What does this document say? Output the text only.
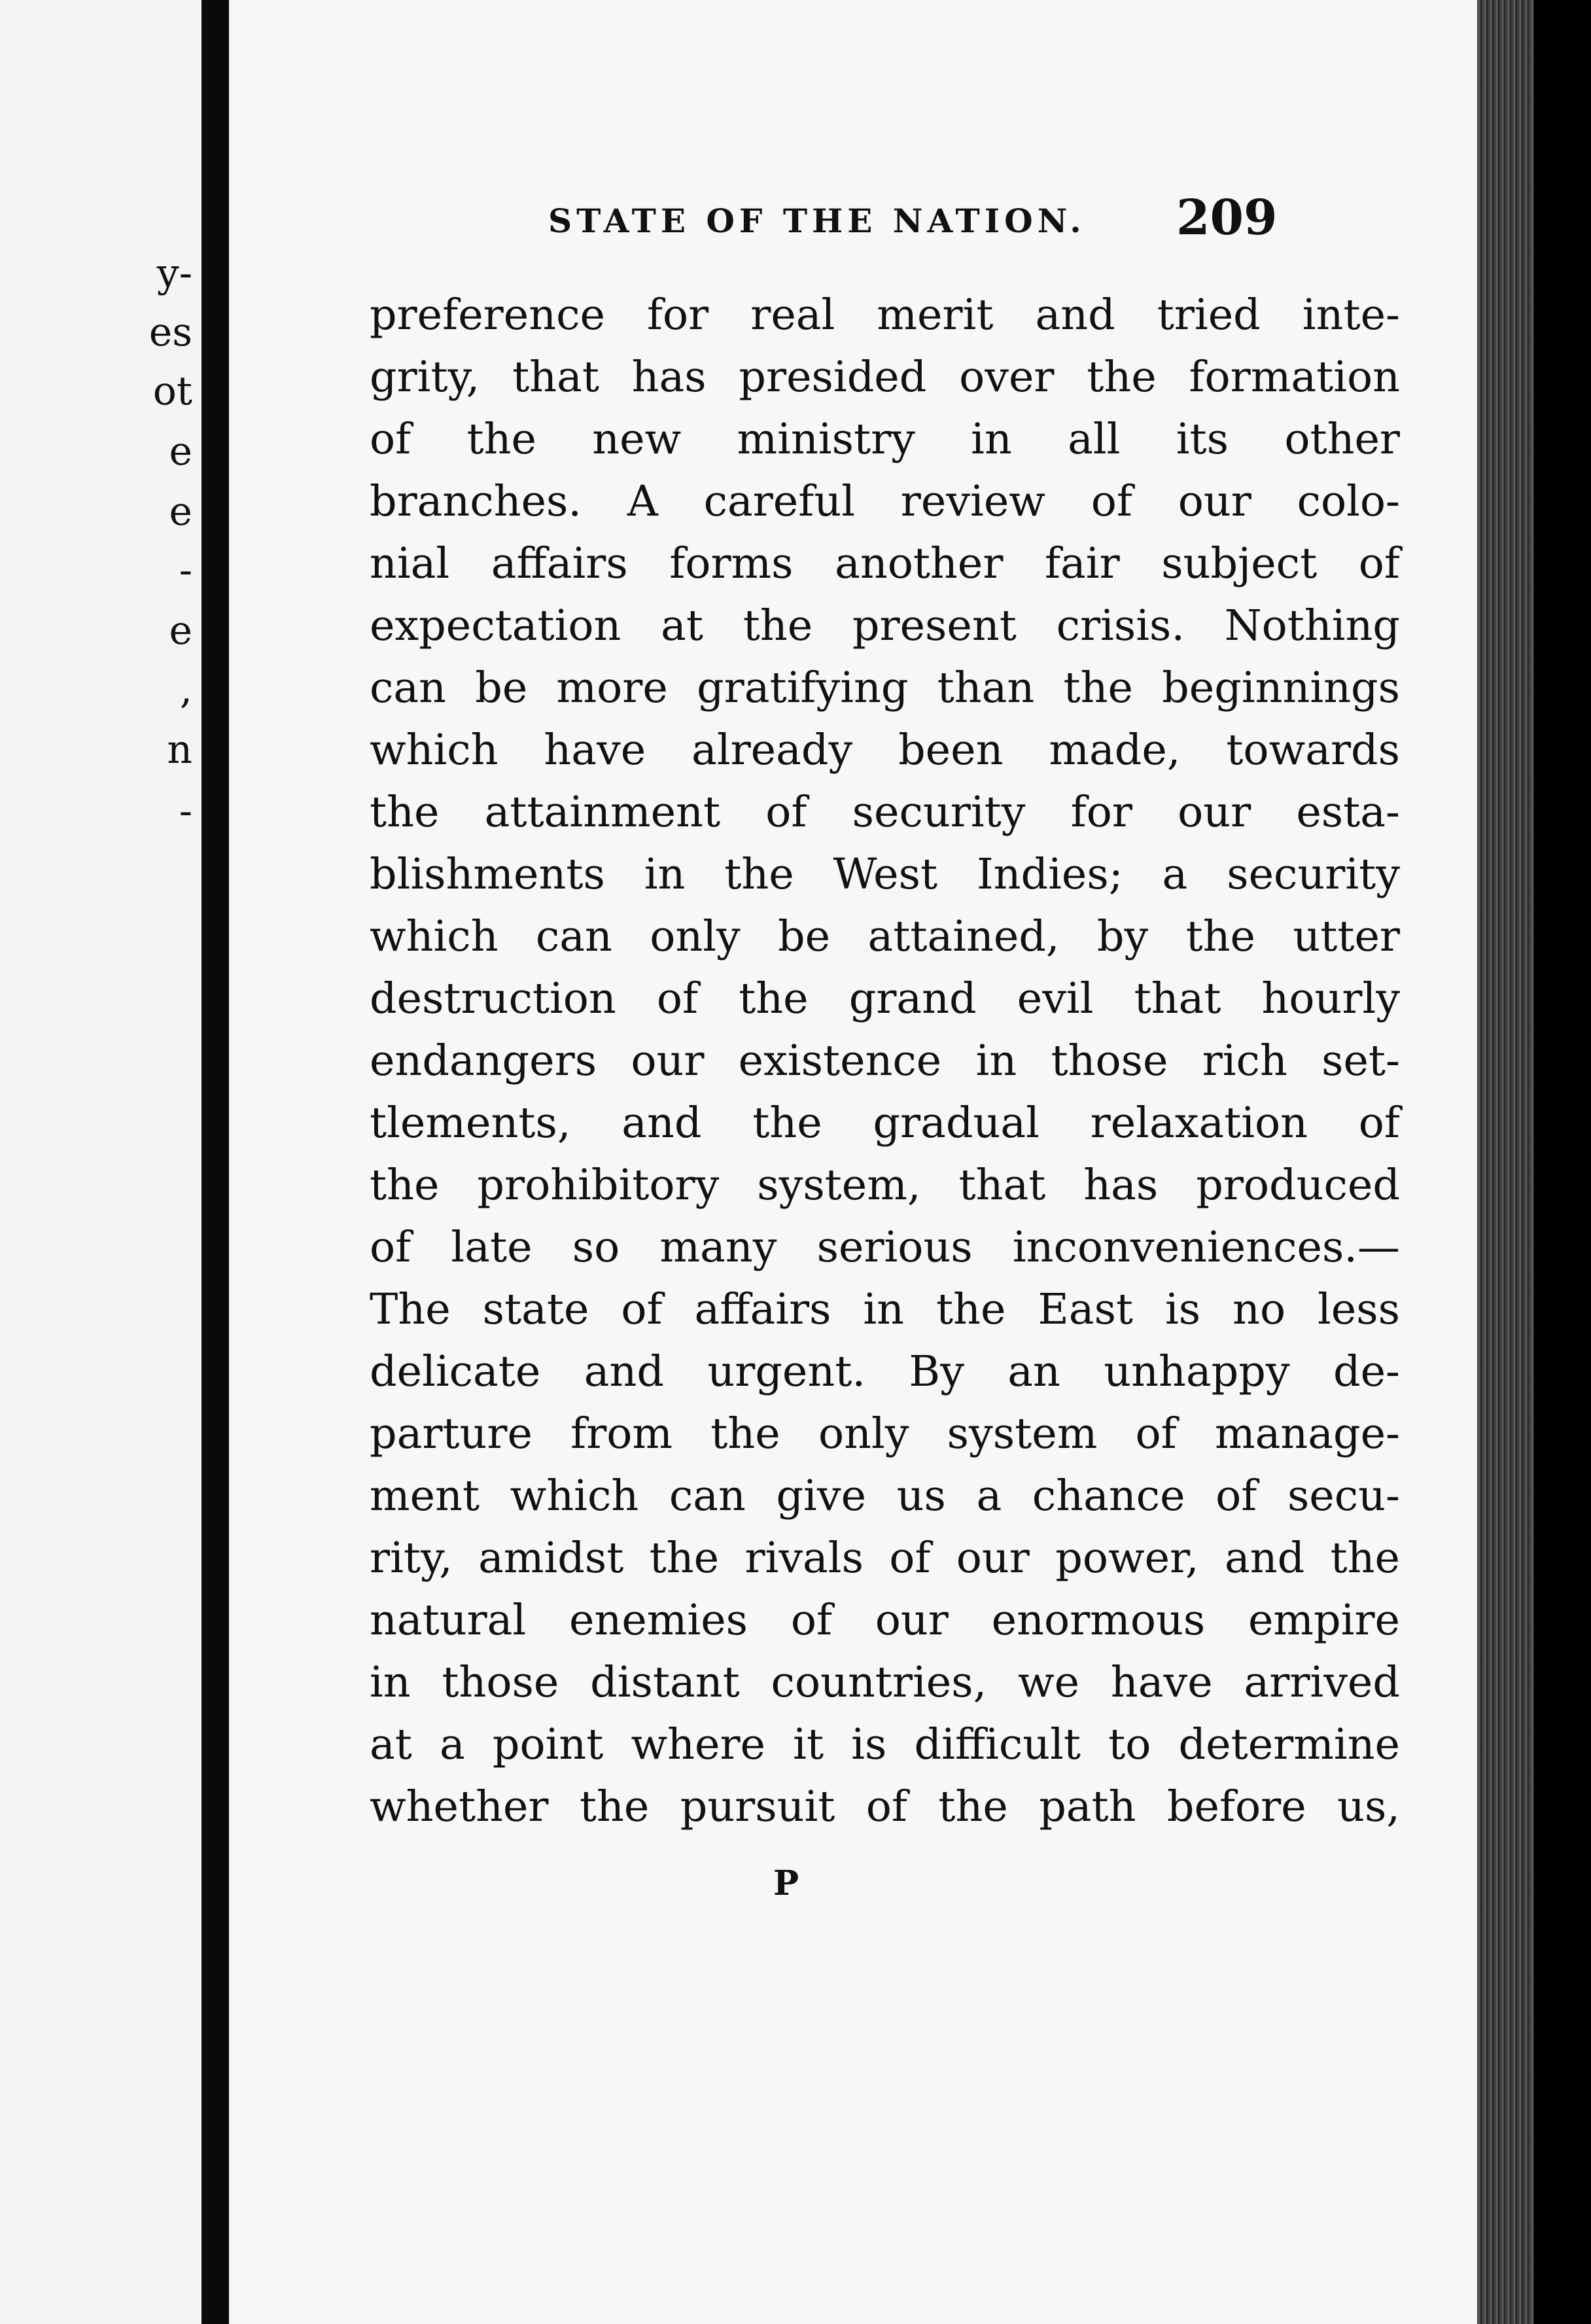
y-
es
ot
e
e
-
e
,
n
-
STATE OF THE NATION. 209
preference for real merit and tried inte-
grity, that has presided over the formation
of the new ministry in all its other
branches. A careful review of our colo-
nial affairs forms another fair subject of
expectation at the present crisis. Nothing
can be more gratifying than the beginnings
which have already been made, towards
the attainment of security for our esta-
blishments in the West Indies; a security
which can only be attained, by the utter
destruction of the grand evil that hourly
endangers our existence in those rich set-
tlements, and the gradual relaxation of
the prohibitory system, that has produced
of late so many serious inconveniences.—
The state of affairs in the East is no less
delicate and urgent. By an unhappy de-
parture from the only system of manage-
ment which can give us a chance of secu-
rity, amidst the rivals of our power, and the
natural enemies of our enormous empire
in those distant countries, we have arrived
at a point where it is difficult to determine
whether the pursuit of the path before us,
P
